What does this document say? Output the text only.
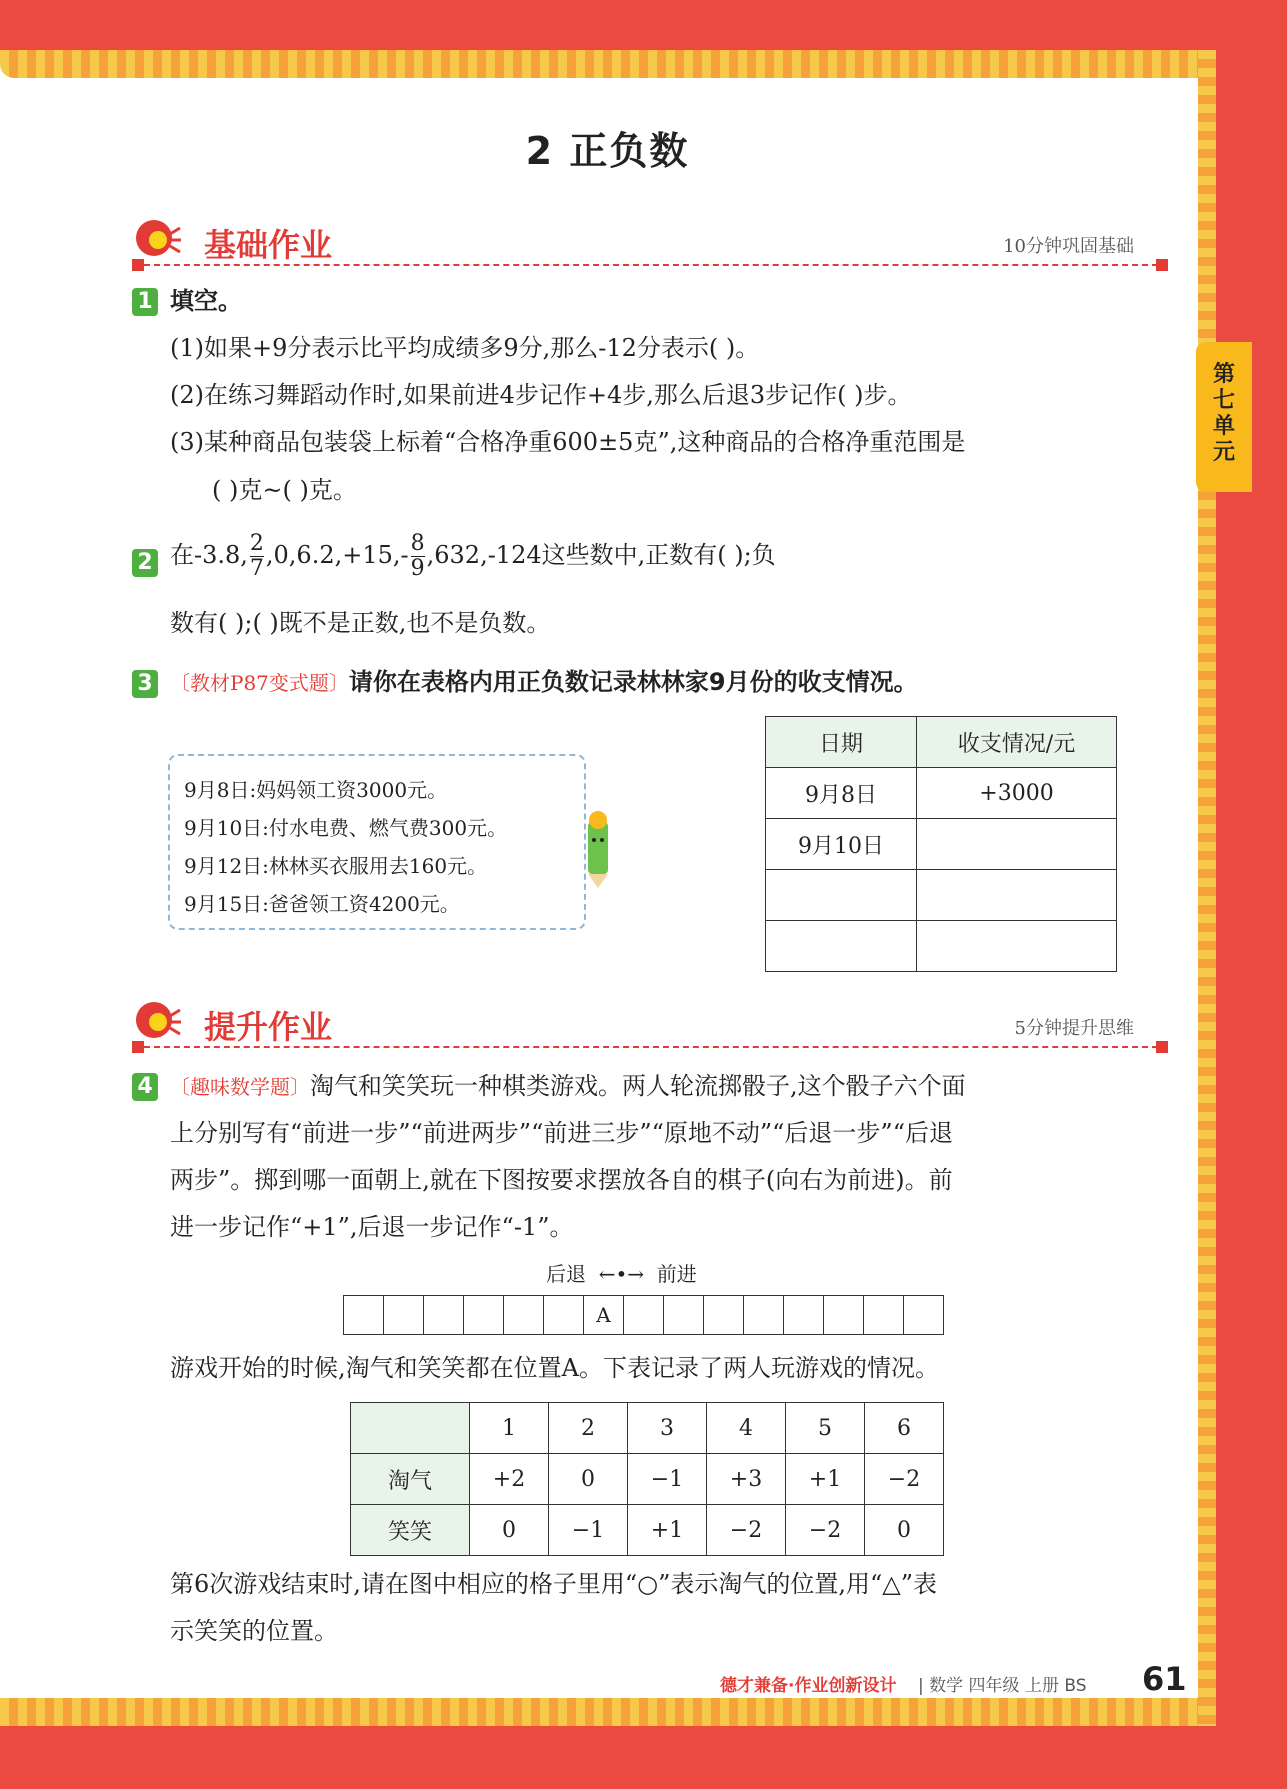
第七单元
2 正负数
基础作业	10分钟巩固基础
1 填空。
(1)如果+9分表示比平均成绩多9分,那么-12分表示( )。
(2)在练习舞蹈动作时,如果前进4步记作+4步,那么后退3步记作( )步。
(3)某种商品包装袋上标着“合格净重600±5克”,这种商品的合格净重范围是
( )克~( )克。
2 在-3.8, $\frac{2}{7} ,0,6.2,+15,- \frac{8}{9} ,632,-124$这些数中,正数有( );负
数有( );( )既不是正数,也不是负数。
3 〔教材P87变式题〕请你在表格内用正负数记录林林家9月份的收支情况。
9月8日:妈妈领工资3000元。
9月10日:付水电费、燃气费300元。
9月12日:林林买衣服用去160元。
9月15日:爸爸领工资4200元。
日期	收支情况/元
9月8日	+3000
9月10日	

提升作业	5分钟提升思维
4 〔趣味数学题〕淘气和笑笑玩一种棋类游戏。两人轮流掷骰子,这个骰子六个面
上分别写有“前进一步”“前进两步”“前进三步”“原地不动”“后退一步”“后退
两步”。掷到哪一面朝上,就在下图按要求摆放各自的棋子(向右为前进)。前
进一步记作“+1”,后退一步记作“-1”。
后退 ←•→ 前进
						A								
游戏开始的时候,淘气和笑笑都在位置A。下表记录了两人玩游戏的情况。
	1	2	3	4	5	6
淘气	+2	0	−1	+3	+1	−2
笑笑	0	−1	+1	−2	−2	0
第6次游戏结束时,请在图中相应的格子里用“○”表示淘气的位置,用“△”表
示笑笑的位置。
德才兼备·作业创新设计 | 数学 四年级 上册 BS 61
